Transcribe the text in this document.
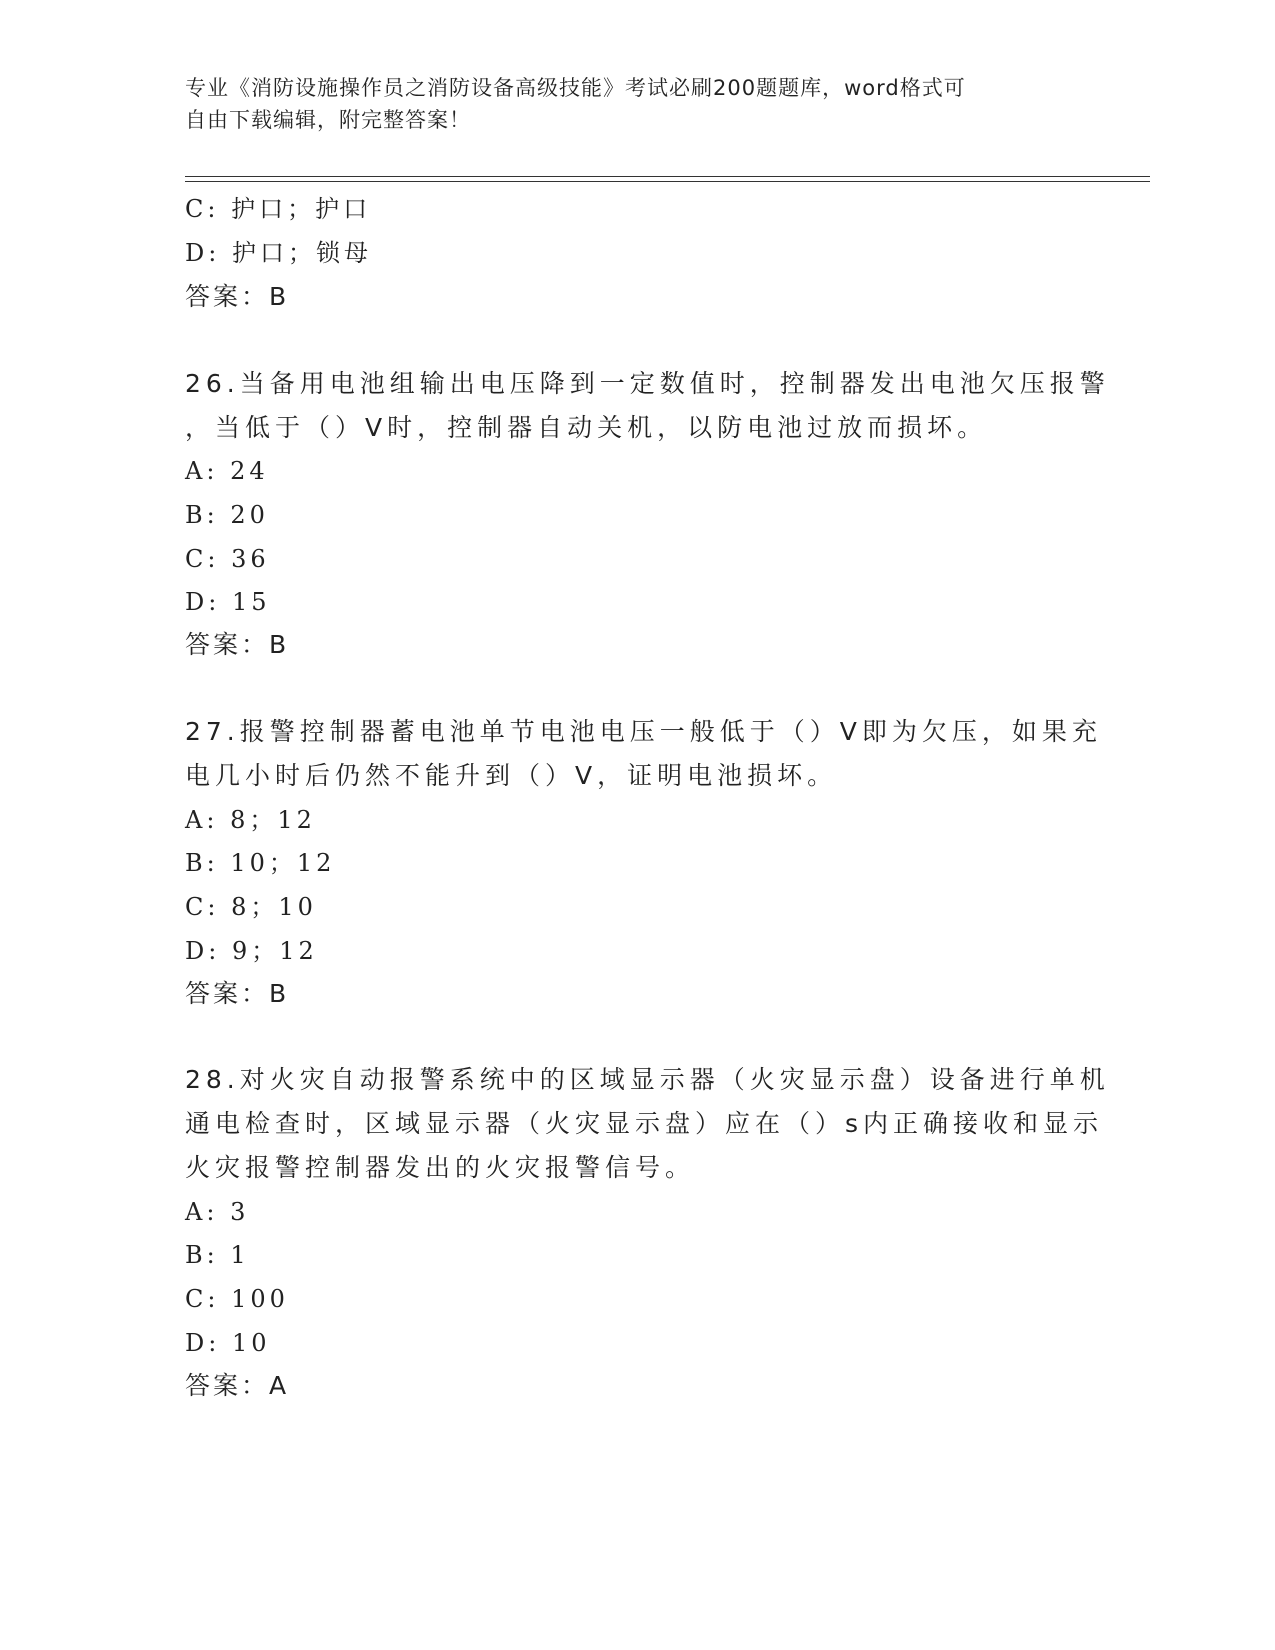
专业《消防设施操作员之消防设备高级技能》考试必刷200题题库，word格式可
自由下载编辑，附完整答案！
C: 护口；护口
D: 护口；锁母
答案：B
26.当备用电池组输出电压降到一定数值时，控制器发出电池欠压报警
，当低于（）V时，控制器自动关机，以防电池过放而损坏。
A: 24
B: 20
C: 36
D: 15
答案：B
27.报警控制器蓄电池单节电池电压一般低于（）V即为欠压，如果充
电几小时后仍然不能升到（）V，证明电池损坏。
A: 8；12
B: 10；12
C: 8；10
D: 9；12
答案：B
28.对火灾自动报警系统中的区域显示器（火灾显示盘）设备进行单机
通电检查时，区域显示器（火灾显示盘）应在（）s内正确接收和显示
火灾报警控制器发出的火灾报警信号。
A: 3
B: 1
C: 100
D: 10
答案：A
